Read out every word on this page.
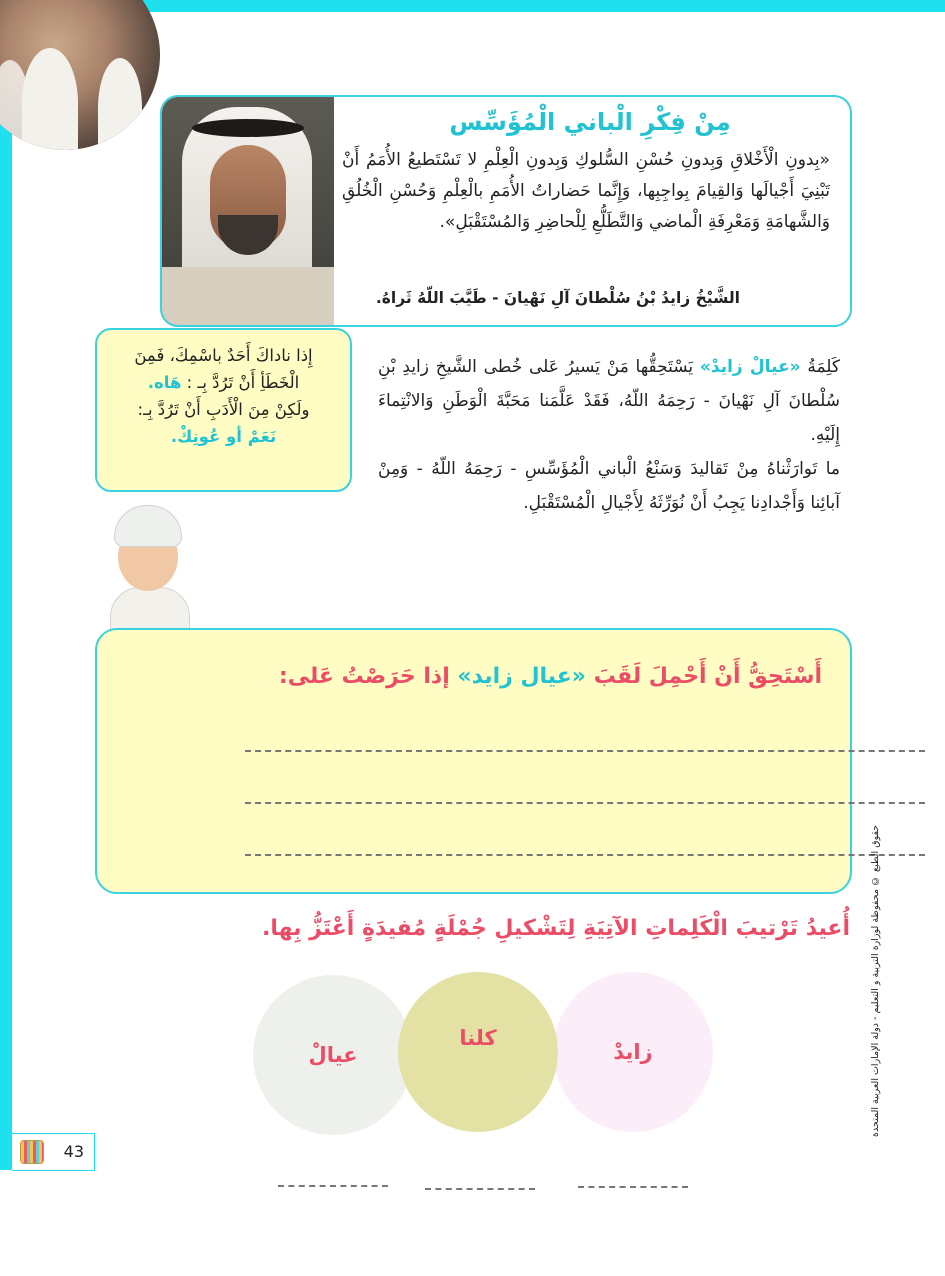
مِنْ فِكْرِ الْباني الْمُؤَسِّس
«بِدونِ الْأَخْلاقِ وَبِدونِ حُسْنِ السُّلوكِ وَبِدونِ الْعِلْمِ لا تَسْتَطيعُ الأُمَمُ أَنْ تَبْنِيَ أَجْيالَها وَالقِيامَ بِواجِبِها، وَإِنَّما حَضاراتُ الأُمَمِ بالْعِلْمِ وَحُسْنِ الْخُلُقِ وَالشَّهامَةِ وَمَعْرِفَةِ الْماضي وَالتَّطَلُّعِ لِلْحاضِرِ وَالمُسْتَقْبَلِ».
الشَّيْخُ زايدُ بْنُ سُلْطانَ آلِ نَهْيانَ - طَيَّبَ اللّهُ ثَراهُ.
إِذا ناداكَ أَحَدٌ باسْمِكَ، فَمِنَ
الْخَطَأِ أَنْ تَرُدَّ بِـ : هَاه.
ولَكِنْ مِنَ الْأَدَبِ أَنْ تَرُدَّ بِـ:
نَعَمْ أو عُونِكْ.

كَلِمَةُ «عيالْ زايدْ» يَسْتَحِقُّها مَنْ يَسيرُ عَلى خُطى الشَّيخِ زايدِ بْنِ سُلْطانَ آلِ نَهْيانَ - رَحِمَهُ اللّهُ، فَقَدْ عَلَّمَنا مَحَبَّةَ الْوَطَنِ وَالانْتِماءَ إِلَيْهِ.

ما تَوارَثْناهُ مِنْ تَقاليدَ وَسَنْعُ الْباني الْمُؤَسِّسِ - رَحِمَهُ اللّهُ - وَمِنْ آبائِنا وَأَجْدادِنا يَجِبُ أَنْ نُوَرِّثَهُ لِأَجْيالِ الْمُسْتَقْبَلِ.

أَسْتَحِقُّ أَنْ أَحْمِلَ لَقَبَ «عيال زايد» إذا حَرَصْتُ عَلى:
أُعيدُ تَرْتيبَ الْكَلِماتِ الآتِيَةِ لِتَشْكيلِ جُمْلَةٍ مُفيدَةٍ أَعْتَزُّ بِها.
عيالْ	زايدْ
كلنا	حقوق الطبع © محفوظة لوزارة التربية و التعليم - دولة الإمارات العربية المتحدة
43
